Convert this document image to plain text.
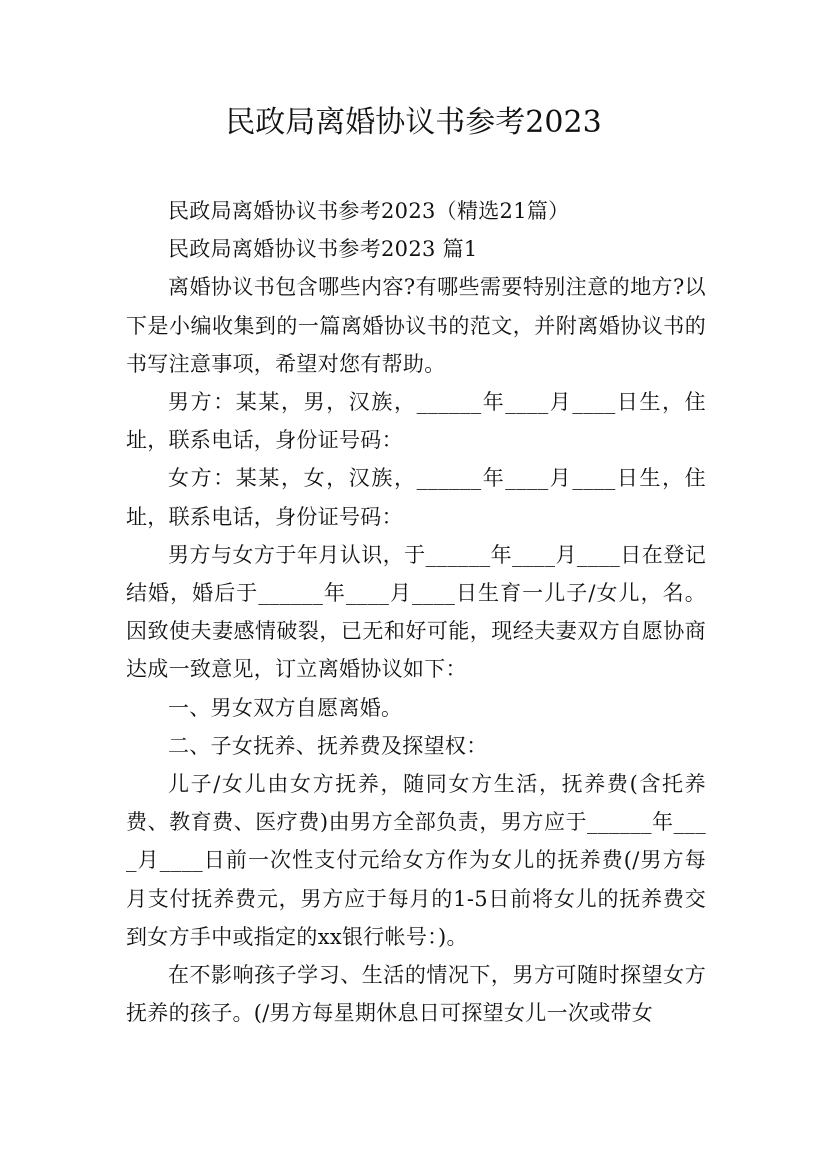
民政局离婚协议书参考2023

民政局离婚协议书参考2023（精选21篇）

民政局离婚协议书参考2023 篇1

离婚协议书包含哪些内容?有哪些需要特别注意的地方?以下是小编收集到的一篇离婚协议书的范文，并附离婚协议书的书写注意事项，希望对您有帮助。

男方：某某，男，汉族，______年____月____日生，住址，联系电话，身份证号码：

女方：某某，女，汉族，______年____月____日生，住址，联系电话，身份证号码：

男方与女方于年月认识，于______年____月____日在登记结婚，婚后于______年____月____日生育一儿子/女儿，名。因致使夫妻感情破裂，已无和好可能，现经夫妻双方自愿协商达成一致意见，订立离婚协议如下：

一、男女双方自愿离婚。

二、子女抚养、抚养费及探望权：

儿子/女儿由女方抚养，随同女方生活，抚养费(含托养费、教育费、医疗费)由男方全部负责，男方应于______年____月____日前一次性支付元给女方作为女儿的抚养费(/男方每月支付抚养费元，男方应于每月的1-5日前将女儿的抚养费交到女方手中或指定的xx银行帐号：)。

在不影响孩子学习、生活的情况下，男方可随时探望女方抚养的孩子。(/男方每星期休息日可探望女儿一次或带女
